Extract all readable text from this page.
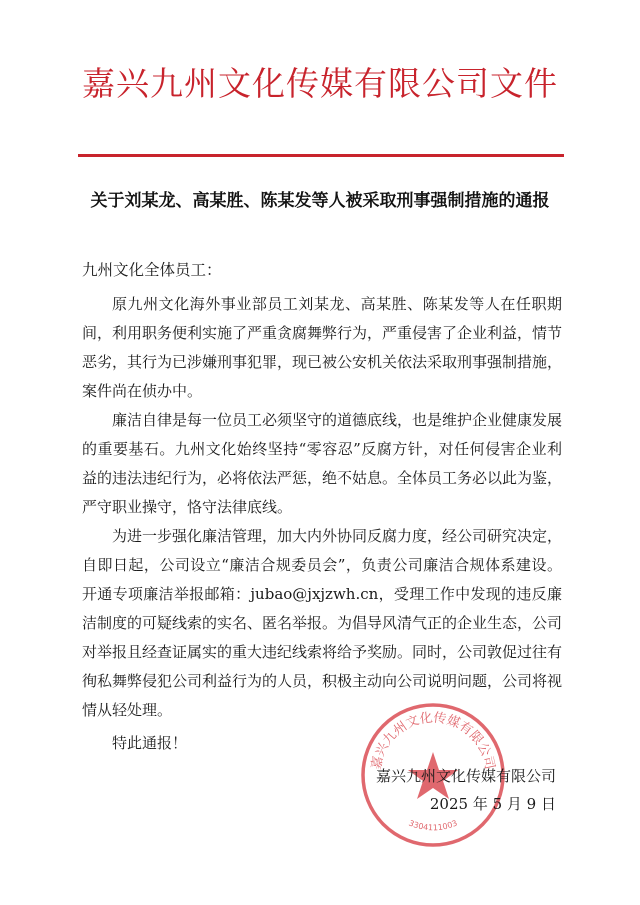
嘉兴九州文化传媒有限公司文件
关于刘某龙、高某胜、陈某发等人被采取刑事强制措施的通报
九州文化全体员工：

原九州文化海外事业部员工刘某龙、高某胜、陈某发等人在任职期间，利用职务便利实施了严重贪腐舞弊行为，严重侵害了企业利益，情节恶劣，其行为已涉嫌刑事犯罪，现已被公安机关依法采取刑事强制措施，案件尚在侦办中。

廉洁自律是每一位员工必须坚守的道德底线，也是维护企业健康发展的重要基石。九州文化始终坚持“零容忍”反腐方针，对任何侵害企业利益的违法违纪行为，必将依法严惩，绝不姑息。全体员工务必以此为鉴，严守职业操守，恪守法律底线。

为进一步强化廉洁管理，加大内外协同反腐力度，经公司研究决定，自即日起，公司设立“廉洁合规委员会”，负责公司廉洁合规体系建设。开通专项廉洁举报邮箱：jubao@jxjzwh.cn，受理工作中发现的违反廉洁制度的可疑线索的实名、匿名举报。为倡导风清气正的企业生态，公司对举报且经查证属实的重大违纪线索将给予奖励。同时，公司敦促过往有徇私舞弊侵犯公司利益行为的人员，积极主动向公司说明问题，公司将视情从轻处理。

特此通报！
嘉兴九州文化传媒有限公司
3304111003
嘉兴九州文化传媒有限公司
2025 年 5 月 9 日
